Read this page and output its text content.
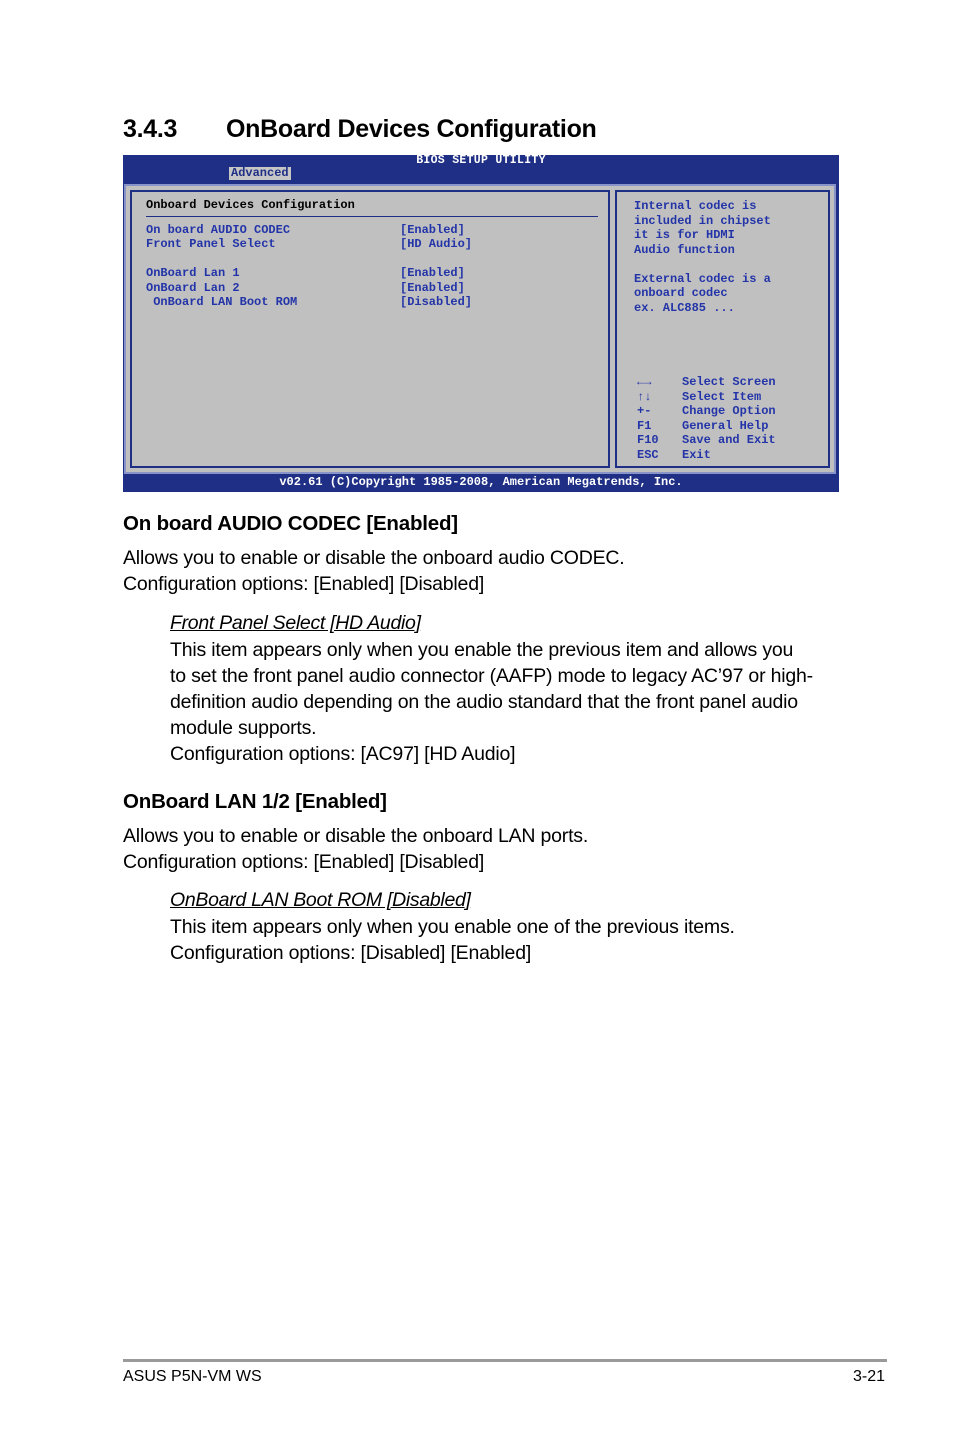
3.4.3 OnBoard Devices Configuration
BIOS SETUP UTILITY
Advanced
Onboard Devices Configuration
On board AUDIO CODEC	[Enabled]
Front Panel Select	[HD Audio]
OnBoard Lan 1	[Enabled]
OnBoard Lan 2	[Enabled]
OnBoard LAN Boot ROM	[Disabled]
Internal codec is
included in chipset
it is for HDMI
Audio function
External codec is a
onboard codec
ex. ALC885 ...
←→	Select Screen
↑↓	Select Item
+-	Change Option
F1	General Help
F10 Save and Exit
ESC Exit
v02.61 (C)Copyright 1985-2008, American Megatrends, Inc.
On board AUDIO CODEC [Enabled]

Allows you to enable or disable the onboard audio CODEC.
Configuration options: [Enabled] [Disabled]

Front Panel Select [HD Audio]

This item appears only when you enable the previous item and allows you
to set the front panel audio connector (AAFP) mode to legacy AC’97 or high-
definition audio depending on the audio standard that the front panel audio
module supports.
Configuration options: [AC97] [HD Audio]

OnBoard LAN 1/2 [Enabled]

Allows you to enable or disable the onboard LAN ports.
Configuration options: [Enabled] [Disabled]

OnBoard LAN Boot ROM [Disabled]

This item appears only when you enable one of the previous items.
Configuration options: [Disabled] [Enabled]

ASUS P5N-VM WS	3-21
